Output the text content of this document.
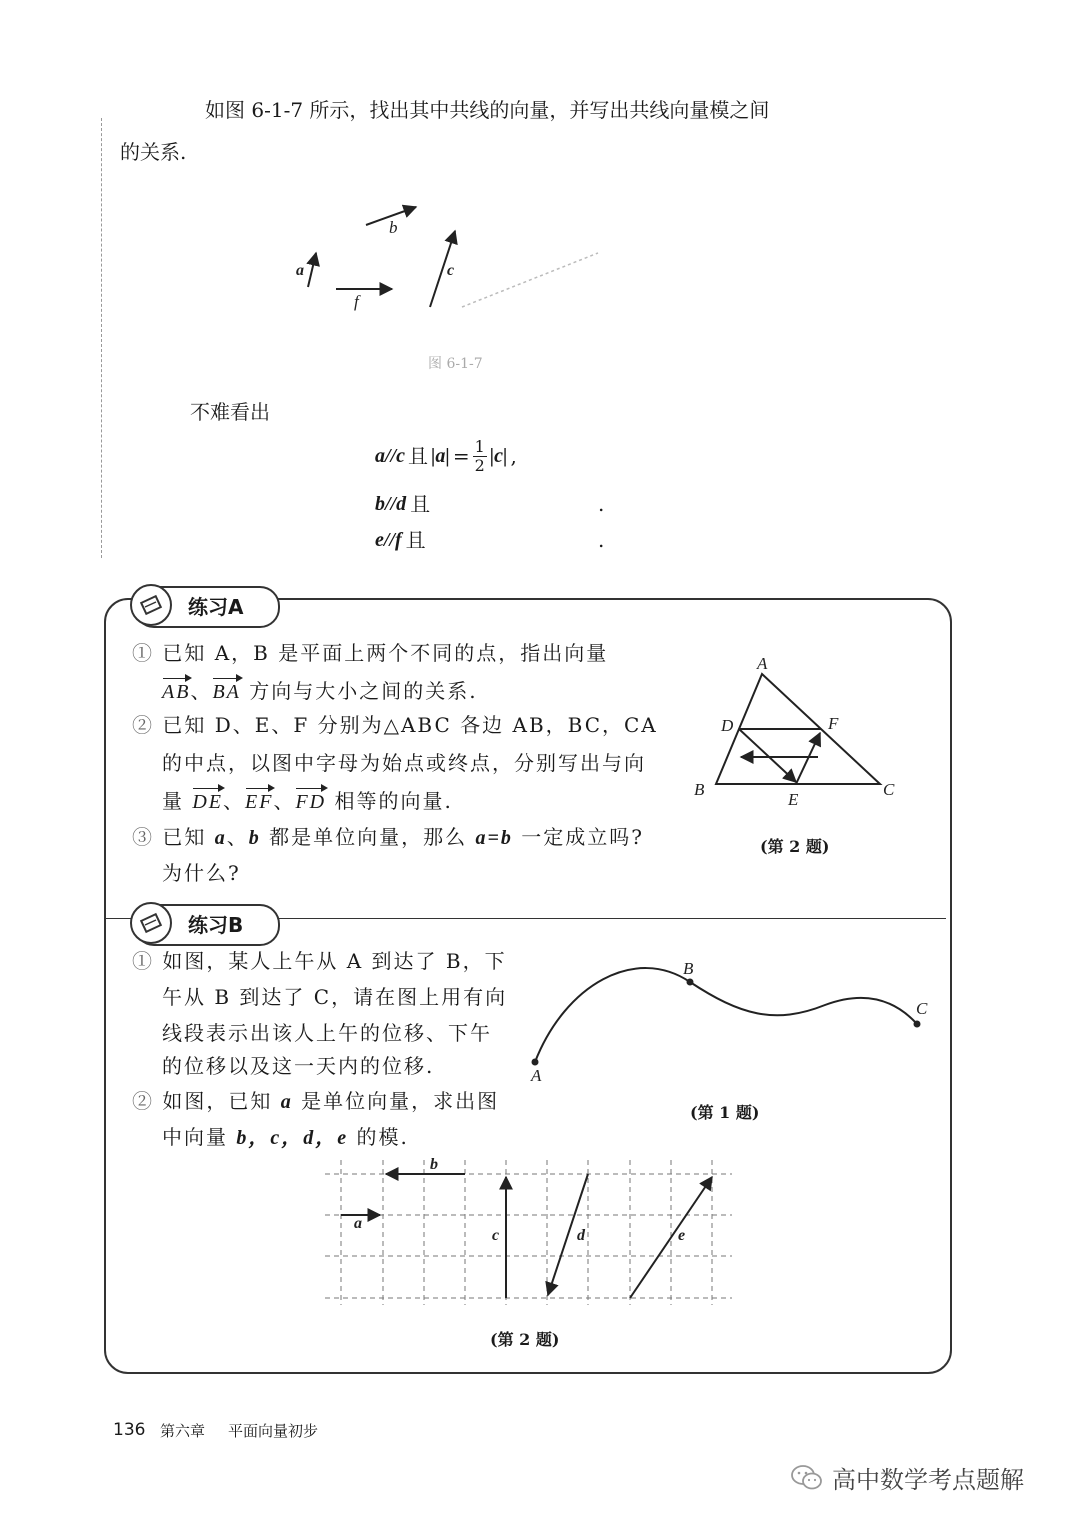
如图 6-1-7 所示，找出其中共线的向量，并写出共线向量模之间
的关系.
a
b
c
f
图 6-1-7
不难看出
a//c 且 $|a| = \frac{1}{2} |c|$ ,
b//d 且	.
e//f 且	.
练习A
① 已知 A，B 是平面上两个不同的点，指出向量
AB、BA 方向与大小之间的关系.
② 已知 D、E、F 分别为△ABC 各边 AB，BC，CA
的中点，以图中字母为始点或终点，分别写出与向
量 DE、EF、FD 相等的向量.
③ 已知 a、b 都是单位向量，那么 a=b 一定成立吗?
为什么?
A
D	F
B
E
C
(第 2 题)
练习B
① 如图，某人上午从 A 到达了 B，下
午从 B 到达了 C，请在图上用有向
线段表示出该人上午的位移、下午
的位移以及这一天内的位移.
② 如图，已知 a 是单位向量，求出图
中向量 b，c，d，e 的模.
A
B
C
(第 1 题)
a
b
c	d	e
(第 2 题)
136 第六章 平面向量初步
高中数学考点题解
